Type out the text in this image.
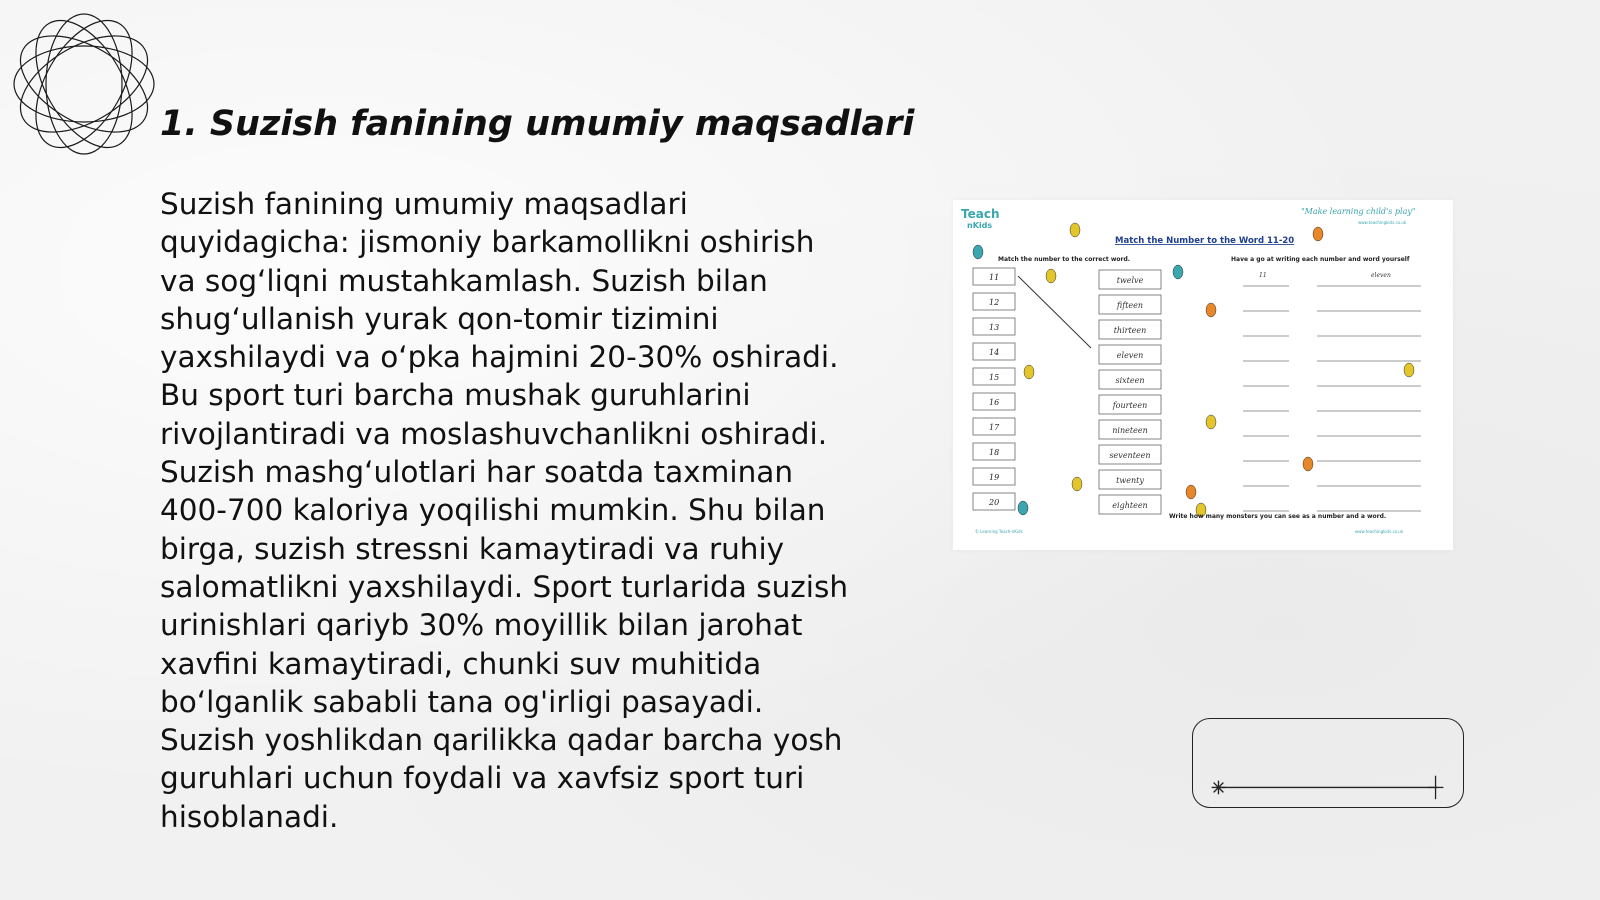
1. Suzish fanining umumiy maqsadlari

Suzish fanining umumiy maqsadlari quyidagicha: jismoniy barkamollikni oshirish va sog‘liqni mustahkamlash. Suzish bilan shug‘ullanish yurak qon-tomir tizimini yaxshilaydi va o‘pka hajmini 20-30% oshiradi. Bu sport turi barcha mushak guruhlarini rivojlantiradi va moslashuvchanlikni oshiradi. Suzish mashg‘ulotlari har soatda taxminan 400-700 kaloriya yoqilishi mumkin. Shu bilan birga, suzish stressni kamaytiradi va ruhiy salomatlikni yaxshilaydi. Sport turlarida suzish urinishlari qariyb 30% moyillik bilan jarohat xavfini kamaytiradi, chunki suv muhitida bo‘lganlik sababli tana og'irligi pasayadi. Suzish yoshlikdan qarilikka qadar barcha yosh guruhlari uchun foydali va xavfsiz sport turi hisoblanadi.

Teach
nKids
"Make learning child's play"
www.teachingkids.co.uk
Match the Number to the Word 11-20
Match the number to the correct word.	Have a go at writing each number and word yourself
11	eleven
11
12
13
14
15
16
17
18
19
20
twelve
fifteen
thirteen
eleven
sixteen
fourteen
nineteen
seventeen
twenty
eighteen
Write how many monsters you can see as a number and a word.
© Learning Teach-nKids	www.teachingkids.co.uk
